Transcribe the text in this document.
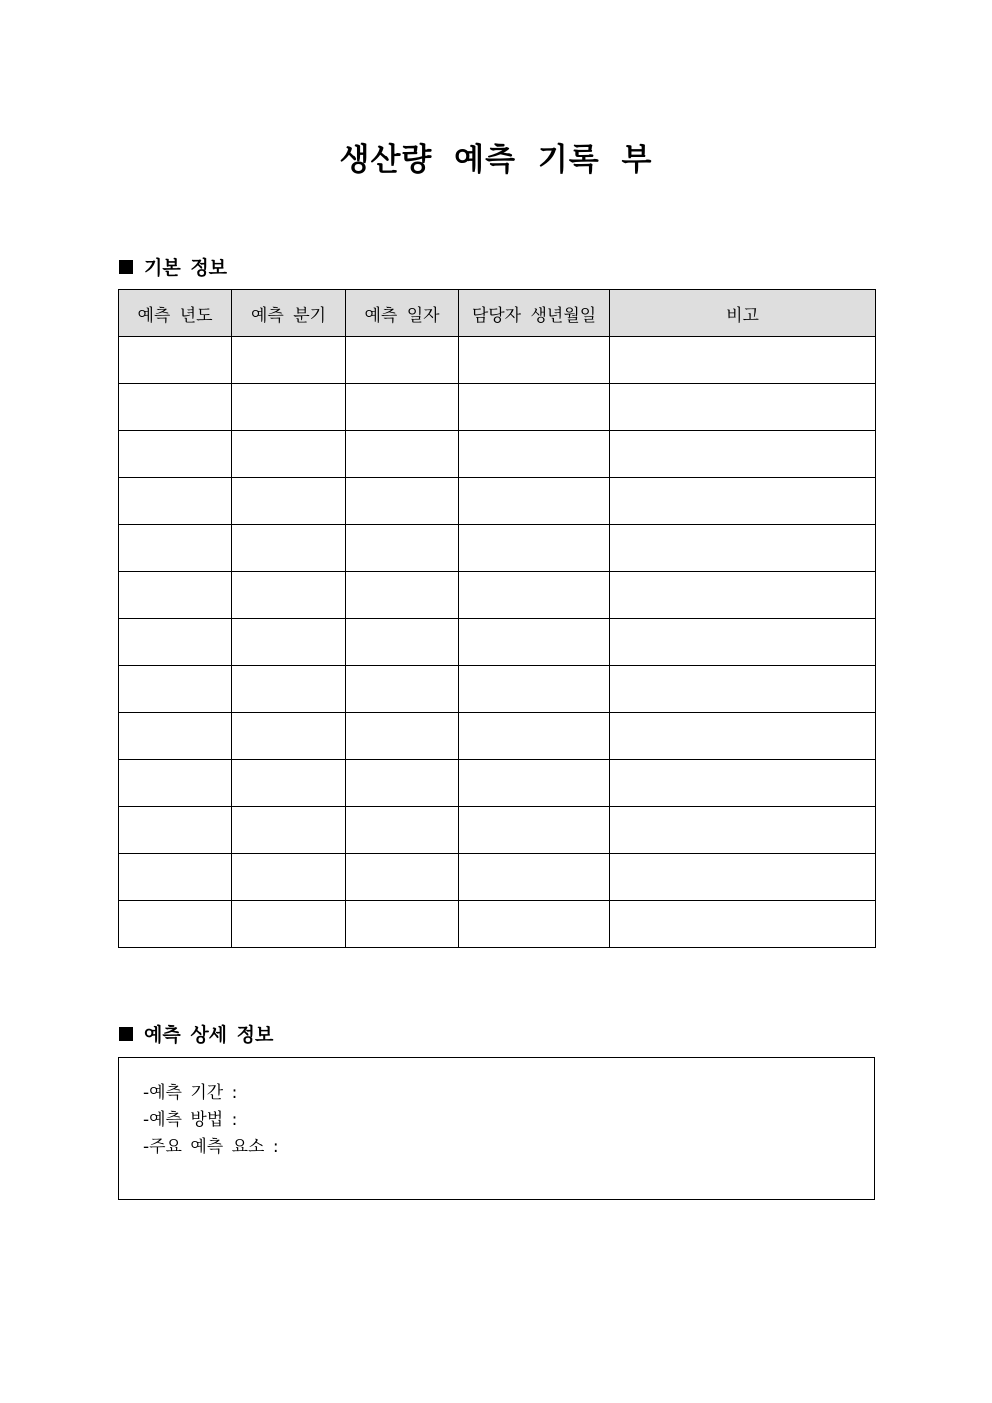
생산량 예측 기록 부
기본 정보
예측 년도	예측 분기	예측 일자	담당자 생년월일	비고

예측 상세 정보
-예측 기간 :
-예측 방법 :
-주요 예측 요소 :
